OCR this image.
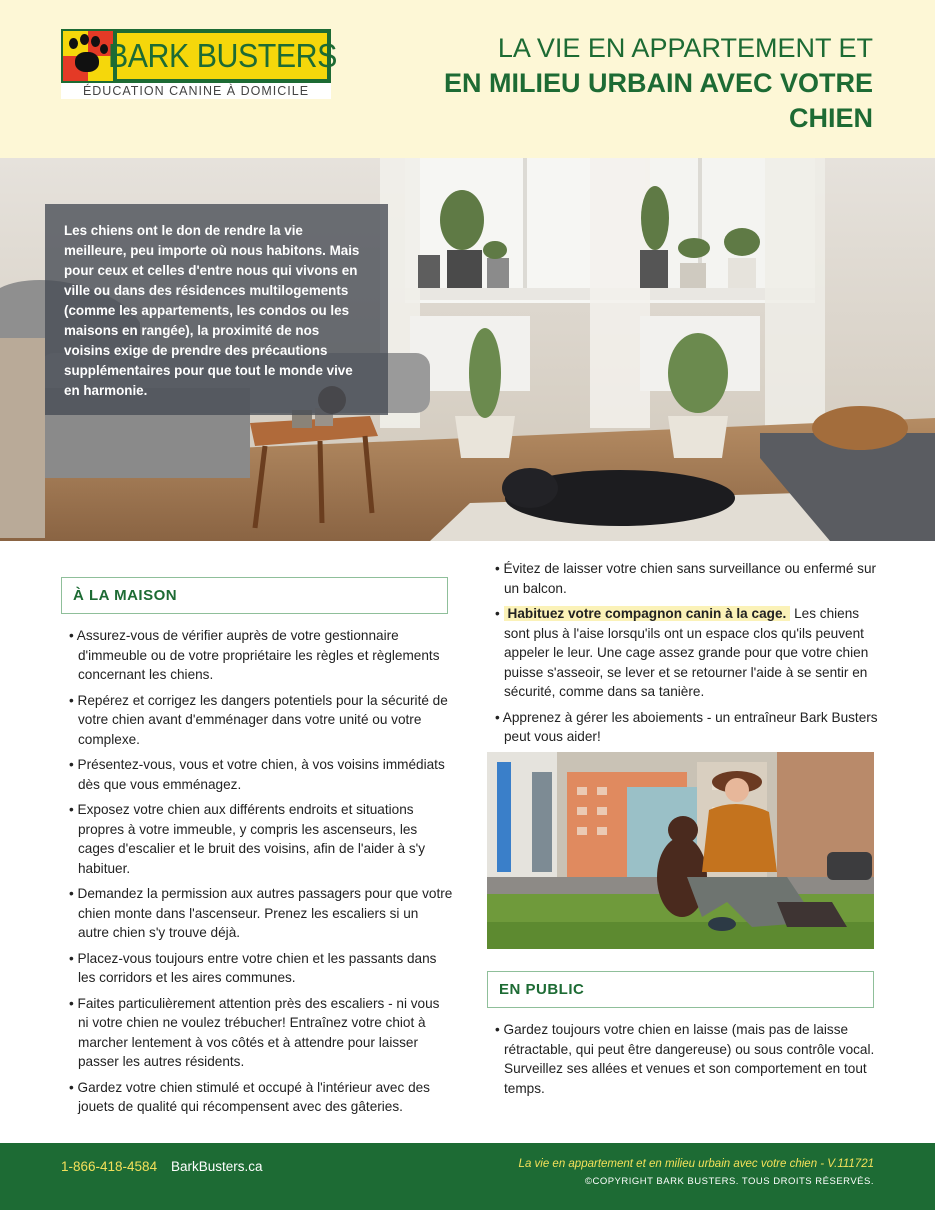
BARK BUSTERS
ÉDUCATION CANINE À DOMICILE
LA VIE EN APPARTEMENT ET
EN MILIEU URBAIN AVEC VOTRE CHIEN

Les chiens ont le don de rendre la vie meilleure, peu importe où nous habitons. Mais pour ceux et celles d'entre nous qui vivons en ville ou dans des résidences multilogements (comme les appartements, les condos ou les maisons en rangée), la proximité de nos voisins exige de prendre des précautions supplémentaires pour que tout le monde vive en harmonie.

À LA MAISON
• Assurez-vous de vérifier auprès de votre gestionnaire d'immeuble ou de votre propriétaire les règles et règlements concernant les chiens.
• Repérez et corrigez les dangers potentiels pour la sécurité de votre chien avant d'emménager dans votre unité ou votre complexe.
• Présentez-vous, vous et votre chien, à vos voisins immédiats dès que vous emménagez.
• Exposez votre chien aux différents endroits et situations propres à votre immeuble, y compris les ascenseurs, les cages d'escalier et le bruit des voisins, afin de l'aider à s'y habituer.
• Demandez la permission aux autres passagers pour que votre chien monte dans l'ascenseur. Prenez les escaliers si un autre chien s'y trouve déjà.
• Placez-vous toujours entre votre chien et les passants dans les corridors et les aires communes.
• Faites particulièrement attention près des escaliers - ni vous ni votre chien ne voulez trébucher! Entraînez votre chiot à marcher lentement à vos côtés et à attendre pour laisser passer les autres résidents.
• Gardez votre chien stimulé et occupé à l'intérieur avec des jouets de qualité qui récompensent avec des gâteries.
• Évitez de laisser votre chien sans surveillance ou enfermé sur un balcon.
• Habituez votre compagnon canin à la cage. Les chiens sont plus à l'aise lorsqu'ils ont un espace clos qu'ils peuvent appeler le leur. Une cage assez grande pour que votre chien puisse s'asseoir, se lever et se retourner l'aide à se sentir en sécurité, comme dans sa tanière.
• Apprenez à gérer les aboiements - un entraîneur Bark Busters peut vous aider!
EN PUBLIC
• Gardez toujours votre chien en laisse (mais pas de laisse rétractable, qui peut être dangereuse) ou sous contrôle vocal. Surveillez ses allées et venues et son comportement en tout temps.
1-866-418-4584 BarkBusters.ca	La vie en appartement et en milieu urbain avec votre chien - V.111721
©COPYRIGHT BARK BUSTERS. TOUS DROITS RÉSERVÉS.
